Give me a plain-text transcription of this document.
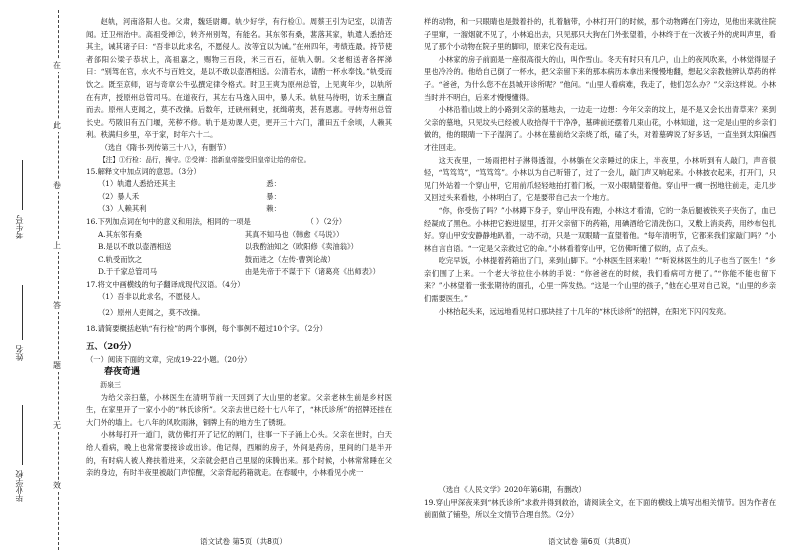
在
此
卷
上
答
题
无
效
考生号
姓名
毕业学校

赵轨，河南洛阳人也。父肃，魏廷尉卿。轨少好学，有行检①。周蔡王引为记室，以清苦闻。迁卫州治中。高祖受禅②，转齐州别驾，有能名。其东邻有桑，葚落其家，轨遣人悉拾还其主，诫其诸子曰：“吾非以此求名，不愿侵人。汝等宜以为诫。”在州四年，考绩连最。持节使者郃阳公梁子恭状上，高祖嘉之，赐物三百段，米三百石，征轨入朝。父老相送者各挥涕曰：“别驾在官，水火不与百姓交，是以不敢以壶酒相送。公清若水，请酌一杯水奉饯。”轨受而饮之。既至京师，诏与奇章公牛弘撰定律令格式。时卫王爽为原州总管，上见爽年少，以轨所在有声，授原州总管司马。在道夜行，其左右马逸入田中，暴人禾。轨驻马待明，访禾主酬直而去。原州人吏闻之，莫不改操。后数年，迁硖州刺史，抚缉萌夷，甚有恩惠。寻转寿州总管长史。芍陂旧有五门堰，芜秽不修。轨于是劝课人吏，更开三十六门，灌田五千余顷，人赖其利。秩满归乡里，卒于家，时年六十二。

（选自《隋书·列传第三十八》，有删节）

【注】①行检：品行，操守。②受禅：指新皇帝接受旧皇帝让给的帝位。

15.解释文中加点词的意思。（3分）

（1）轨遣人悉拾还其主	悉：
（2）暴人禾	暴：
（3）人赖其利	赖：
16.下列加点词在句中的意义和用法，相同的一项是	（ ）（2分）
A.其东邻有桑	其真不知马也（韩愈《马说》）
B.是以不敢以壶酒相送	以我酌油知之（欧阳修《卖油翁》）
C.轨受而饮之	鼓而进之（左传·曹刿论战）
D.于千家总管司马	由是先帝于不谋于下（诸葛亮《出师表》）

17.将文中画横线的句子翻译成现代汉语。（4分）

（1）吾非以此求名，不愿侵人。

（2）原州人吏闻之，莫不改操。

18.请简要概括赵轨“有行检”的两个事例，每个事例不超过10个字。（2分）

五、（20分）

（一）阅读下面的文章，完成19-22小题。（20分）

春夜奇遇

沥泉三

为给父亲扫墓，小林医生在清明节前一天回到了大山里的老家。父亲老林生前是乡村医生，在家里开了一家小小的“林氏诊所”。父亲去世已经十七八年了，“林氏诊所”的招牌还挂在大门外的墙上。七八年的风吹雨淋，铜牌上有的地方生了锈斑。

小林每打开一道门，就仿佛打开了记忆的闸门，往事一下子涌上心头。父亲在世时，白天给人看病，晚上也常常要接诊或出诊。他记得，西厢的房子，外间是药房，里间的门是半开的，有时病人被人搀扶着进来，父亲就会把自己里屋的床腾出来。那个时候，小林常常睡在父亲的身边，有时半夜里被敲门声惊醒，父亲背起药箱就走。在春暖中，小林看见小虎一

语文试卷 第5页（共8页）

样的动物，和一只眼睛也是鼓着扑的，扎着脑带，小林打开门的时候，那个动物蹲在门旁边，见他出来就往院子里窜，一溜烟就不见了，小林追出去，只见那只大狗在门外张望着，小林终于在一次被子外的虎叫声里，看见了那个小动物在院子里的脚印，原来它没有走远。

小林家的房子前面是一座很高很大的山，叫作雪山。冬天有时只有几户，山上的夜风吹来，小林觉得屋子里也冷冷的。他给自己倒了一杯水，把父亲留下来的那本病历本拿出来慢慢地翻，想起父亲教他辨认草药的样子。“爸爸，为什么您不在县城开诊所呢？”他问。“山里人看病难，我走了，他们怎么办？”父亲这样说。小林当时并不明白，后来才慢慢懂得。

小林沿着山坡上的小路到父亲的墓地去，一边走一边想：今年父亲的坟上，是不是又会长出青草来？来到父亲的墓地，只见坟头已经被人收拾得干干净净，墓碑前还摆着几束山花，小林知道，这一定是山里的乡亲们做的，他的眼睛一下子湿润了。小林在墓前给父亲烧了纸，磕了头，对着墓碑说了好多话，一直坐到太阳偏西才往回走。

这天夜里，一场雨把村子淋得透湿，小林躺在父亲睡过的床上，半夜里，小林听到有人敲门，声音很轻，“笃笃笃”，“笃笃笃”。小林以为自己听错了，过了一会儿，敲门声又响起来。小林披衣起来，打开门，只见门外站着一个穿山甲，它用前爪轻轻地拍打着门板，一双小眼睛望着他。穿山甲一瘸一拐地往前走，走几步又回过头来看他，小林明白了，它是要带自己去一个地方。

“你，你受伤了吗？”小林蹲下身子，穿山甲没有跑，小林这才看清，它的一条后腿被铁夹子夹伤了，血已经凝成了黑色。小林把它抱进屋里，打开父亲留下的药箱，用碘酒给它清洗伤口，又敷上消炎药，用纱布包扎好。穿山甲安安静静地趴着，一动不动，只是一双眼睛一直望着他。“每年清明节，它都来我们家敲门吗？”小林自言自语。“一定是父亲救过它的命。”小林看着穿山甲，它仿佛听懂了似的，点了点头。

吃完早饭，小林提着药箱出了门，来到山脚下。“小林医生回来啦！”“听说林医生的儿子也当了医生！”乡亲们围了上来。一个老大爷拉住小林的手说：“你爸爸在的时候，我们看病可方便了。”“你能不能也留下来？”小林望着一张张期待的面孔，心里一阵发热。“这是一个山里的孩子，”他在心里对自己说，“山里的乡亲们需要医生。”

小林抬起头来，远远地看见村口那块挂了十几年的“林氏诊所”的招牌，在阳光下闪闪发亮。

（选自《人民文学》2020年第6期，有删改）

19.穿山甲深夜来到“林氏诊所”求救并得到救治，请阅读全文，在下面的横线上填写出相关情节。因为作者在前面做了铺垫，所以全文情节合理自然。（2分）

语文试卷 第6页（共8页）
